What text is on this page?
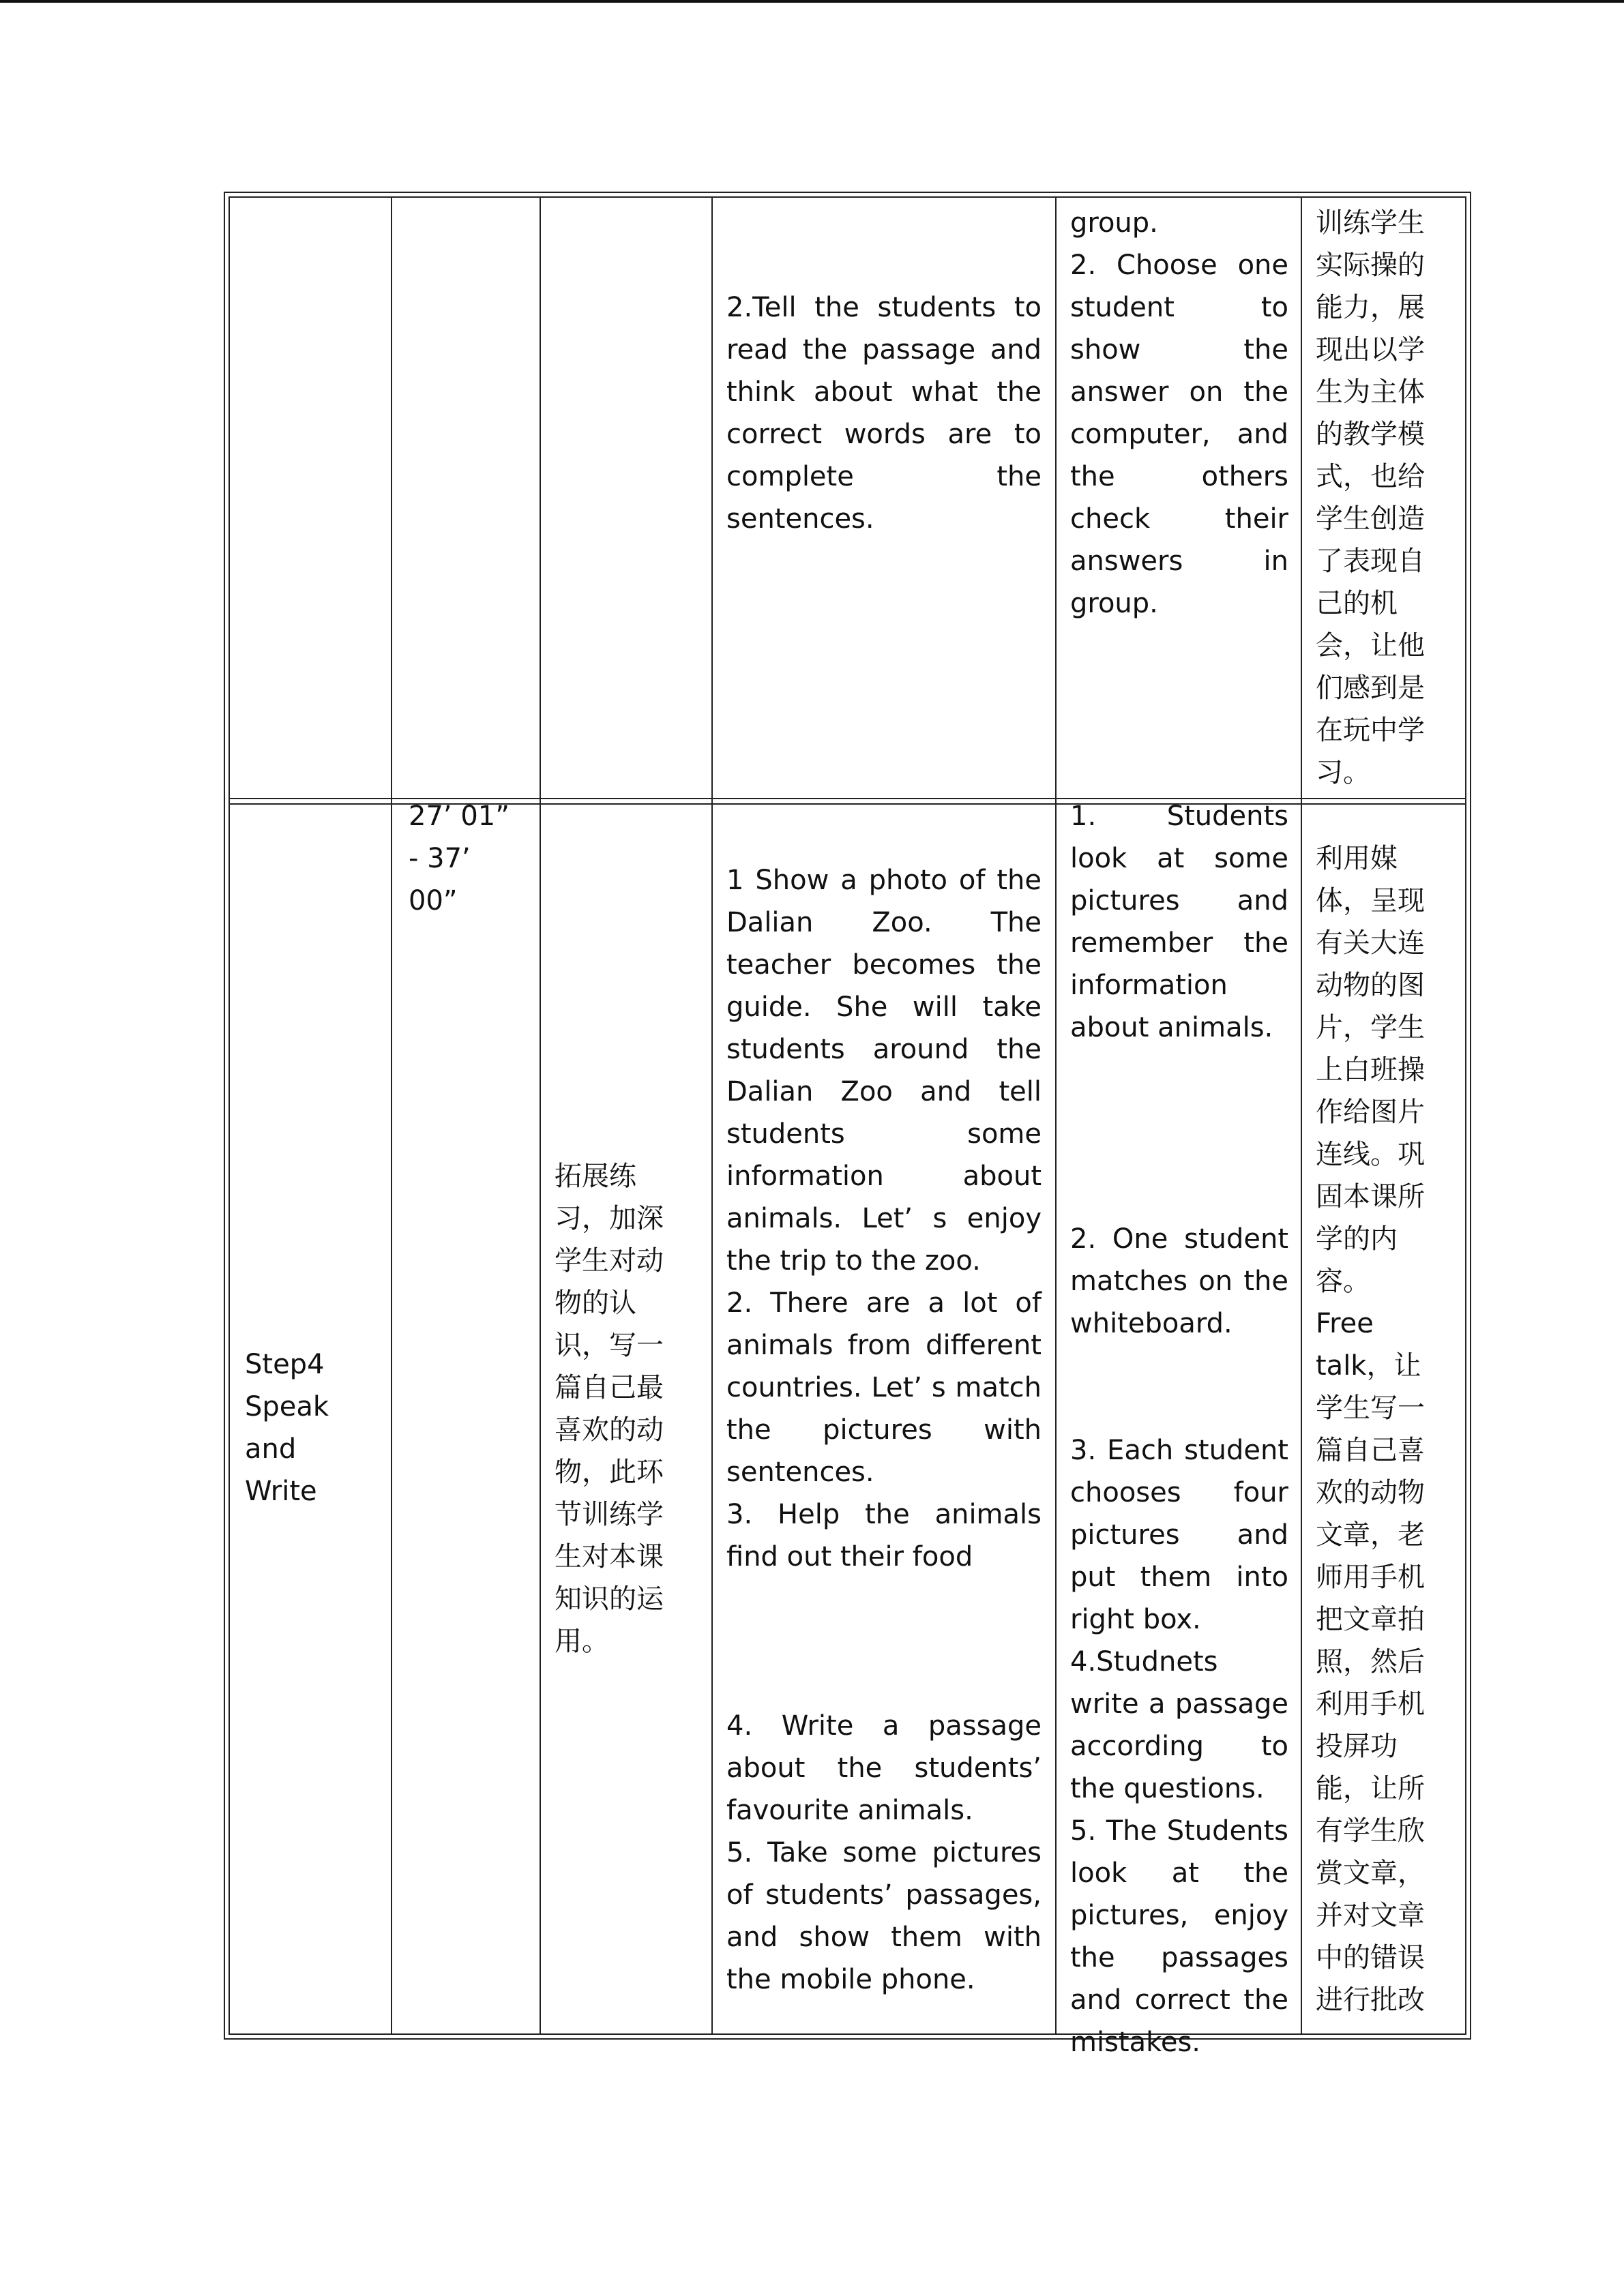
2.Tell the students to read the passage and think about what the correct words are to complete the sentences.

group.
2. Choose one student to show the answer on the computer, and the others check their answers in group.

训练学生实际操的能力，展现出以学生为主体的教学模式，也给学生创造了表现自己的机会，让他们感到是在玩中学习。

Step4
Speak and
Write

27’ 01”
- 37’
00”

拓展练习，加深学生对动物的认识，写一篇自己最喜欢的动物，此环节训练学生对本课知识的运用。

1 Show a photo of the Dalian Zoo. The teacher becomes the guide. She will take students around the Dalian Zoo and tell students some information about animals. Let’ s enjoy the trip to the zoo.

2. There are a lot of animals from different countries. Let’ s match the pictures with sentences.

3. Help the animals find out their food

4. Write a passage about the students’ favourite animals.

5. Take some pictures of students’ passages, and show them with the mobile phone.

1. Students look at some pictures and remember the information about animals.

2. One student matches on the whiteboard.

3. Each student chooses four pictures and put them into right box.

4.Studnets write a passage according to the questions.

5. The Students look at the pictures, enjoy the passages and correct the mistakes.

利用媒体，呈现有关大连动物的图片，学生上白班操作给图片连线。巩固本课所学的内容。

Free talk，让学生写一篇自己喜欢的动物文章，老师用手机把文章拍照，然后利用手机投屏功能，让所有学生欣赏文章，并对文章中的错误进行批改
